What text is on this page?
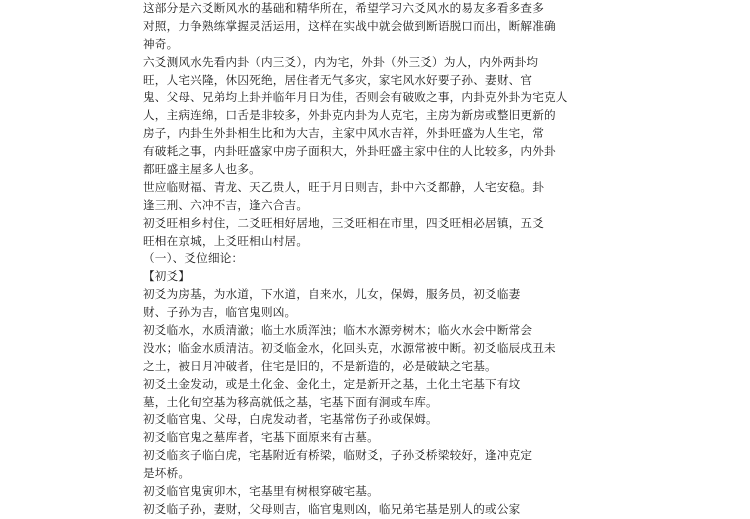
这部分是六爻断风水的基础和精华所在，希望学习六爻风水的易友多看多查多
对照，力争熟练掌握灵活运用，这样在实战中就会做到断语脱口而出，断解准确
神奇。
六爻测风水先看内卦（内三爻），内为宅，外卦（外三爻）为人，内外两卦均
旺，人宅兴隆，休囚死绝，居住者无气多灾，家宅风水好要子孙、妻财、官
鬼、父母、兄弟均上卦并临年月日为佳，否则会有破败之事，内卦克外卦为宅克人
人，主病连绵，口舌是非较多，外卦克内卦为人克宅，主房为新房或整旧更新的
房子，内卦生外卦相生比和为大吉，主家中风水吉祥，外卦旺盛为人生宅，常
有破耗之事，内卦旺盛家中房子面积大，外卦旺盛主家中住的人比较多，内外卦
都旺盛主屋多人也多。
世应临财福、青龙、天乙贵人，旺于月日则吉，卦中六爻都静，人宅安稳。卦
逢三刑、六冲不吉，逢六合吉。
初爻旺相乡村住，二爻旺相好居地，三爻旺相在市里，四爻旺相必居镇，五爻
旺相在京城，上爻旺相山村居。
（一）、爻位细论：
【初爻】
初爻为房基，为水道，下水道，自来水，儿女，保姆，服务员，初爻临妻
财、子孙为吉，临官鬼则凶。
初爻临水，水质清澈；临土水质浑浊；临木水源旁树木；临火水会中断常会
没水；临金水质清洁。初爻临金水，化回头克，水源常被中断。初爻临辰戌丑未
之土，被日月冲破者，住宅是旧的，不是新造的，必是破缺之宅基。
初爻土金发动，或是土化金、金化土，定是新开之基，土化土宅基下有坟
墓，土化旬空基为移高就低之基，宅基下面有洞或车库。
初爻临官鬼、父母，白虎发动者，宅基常伤子孙或保姆。
初爻临官鬼之墓库者，宅基下面原来有古墓。
初爻临亥子临白虎，宅基附近有桥梁，临财爻，子孙爻桥梁较好，逢冲克定
是坏桥。
初爻临官鬼寅卯木，宅基里有树根穿破宅基。
初爻临子孙，妻财，父母则吉，临官鬼则凶，临兄弟宅基是别人的或公家
